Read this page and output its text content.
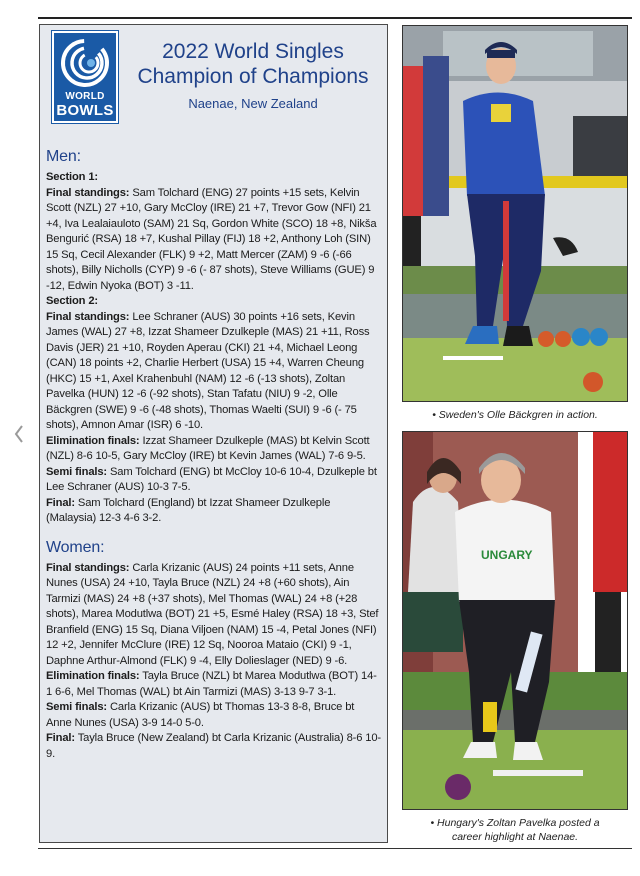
WORLD
BOWLS
2022 World Singles
Champion of Champions
Naenae, New Zealand
Men:

Section 1:

Final standings: Sam Tolchard (ENG) 27 points +15 sets, Kelvin Scott (NZL) 27 +10, Gary McCloy (IRE) 21 +7, Trevor Gow (NFI) 21 +4, Iva Lealaiauloto (SAM) 21 Sq, Gordon White (SCO) 18 +8, Nikša Bengurić (RSA) 18 +7, Kushal Pillay (FIJ) 18 +2, Anthony Loh (SIN) 15 Sq, Cecil Alexander (FLK) 9 +2, Matt Mercer (ZAM) 9 -6 (-66 shots), Billy Nicholls (CYP) 9 -6 (- 87 shots), Steve Williams (GUE) 9 -12, Edwin Nyoka (BOT) 3 -11.

Section 2:

Final standings: Lee Schraner (AUS) 30 points +16 sets, Kevin James (WAL) 27 +8, Izzat Shameer Dzulkeple (MAS) 21 +11, Ross Davis (JER) 21 +10, Royden Aperau (CKI) 21 +4, Michael Leong (CAN) 18 points +2, Charlie Herbert (USA) 15 +4, Warren Cheung (HKC) 15 +1, Axel Krahenbuhl (NAM) 12 -6 (-13 shots), Zoltan Pavelka (HUN) 12 -6 (-92 shots), Stan Tafatu (NIU) 9 -2, Olle Bäckgren (SWE) 9 -6 (-48 shots), Thomas Waelti (SUI) 9 -6 (- 75 shots), Amnon Amar (ISR) 6 -10.

Elimination finals: Izzat Shameer Dzulkeple (MAS) bt Kelvin Scott (NZL) 8-6 10-5, Gary McCloy (IRE) bt Kevin James (WAL) 7-6 9-5.

Semi finals: Sam Tolchard (ENG) bt McCloy 10-6 10-4, Dzulkeple bt Lee Schraner (AUS) 10-3 7-5.

Final: Sam Tolchard (England) bt Izzat Shameer Dzulkeple (Malaysia) 12-3 4-6 3-2.

Women:

Final standings: Carla Krizanic (AUS) 24 points +11 sets, Anne Nunes (USA) 24 +10, Tayla Bruce (NZL) 24 +8 (+60 shots), Ain Tarmizi (MAS) 24 +8 (+37 shots), Mel Thomas (WAL) 24 +8 (+28 shots), Marea Modutlwa (BOT) 21 +5, Esmé Haley (RSA) 18 +3, Stef Branfield (ENG) 15 Sq, Diana Viljoen (NAM) 15 -4, Petal Jones (NFI) 12 +2, Jennifer McClure (IRE) 12 Sq, Nooroa Mataio (CKI) 9 -1, Daphne Arthur-Almond (FLK) 9 -4, Elly Dolieslager (NED) 9 -6.

Elimination finals: Tayla Bruce (NZL) bt Marea Modutlwa (BOT) 14-1 6-6, Mel Thomas (WAL) bt Ain Tarmizi (MAS) 3-13 9-7 3-1.

Semi finals: Carla Krizanic (AUS) bt Thomas 13-3 8-8, Bruce bt Anne Nunes (USA) 3-9 14-0 5-0.

Final: Tayla Bruce (New Zealand) bt Carla Krizanic (Australia) 8-6 10-9.

• Sweden's Olle Bäckgren in action.
UNGARY
• Hungary's Zoltan Pavelka posted a
career highlight at Naenae.
